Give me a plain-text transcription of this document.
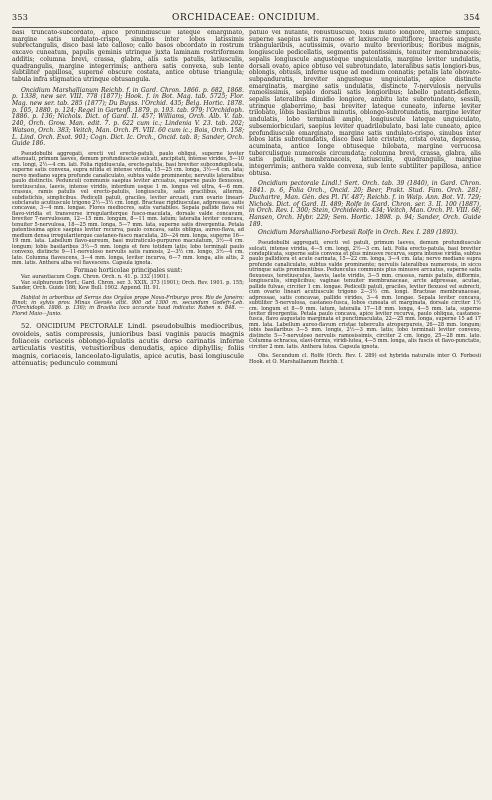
353	ORCHIDACEAE: ONCIDIUM.	354

basi truncato-subcordato, apice profundiusculè lateque emarginato, margine satis undulato-crispo, sinubus inter lobos latissimis subrectangulis, disco basi late calloso; callo basos obcordato in rostrum excavo cuneatum, papulis geminis utrinque juxta laminam rostriformem additis; columna brevi, crassa, glabra, alis satis patulis, latiusculis, quadrangulis, margine integerrimis; anthera satis convexa, sub lente subtiliter papillosa, superne obscure costata, antice obtuse triangula; tabula infra stigmatica utrinque obtusangula.

Oncidium Marshallianum Reichb. f. in Gard. Chron. 1866. p. 682, 1868. p. 1338, new ser. VIII. 778 (1877); Hook. f. in Bot. Mag. tab. 5725; Flor. Mag. new ser. tab. 285 (1877); Du Buyss. l'Orchid. 435; Belg. Hortic. 1878. p. 105, 1880. p. 124; Regel in Gartenfl. 1879. p. 193. tab. 979; l'Orchidoph. 1886. p. 136; Nichols. Dict. of Gard. II. 457; Williams, Orch. Alb. V. tab. 240, Orch. Grow. Man. edit. 7. p. 622 cum ic.; Lindenia V. 23. tab. 202; Watson, Orch. 383; Veitch, Man. Orch. Pl. VIII. 60 cum ic.; Bois, Orch. 158; L. Lind. Orch. Exot. 901; Cogn. Dict. Ic. Orch., Oncid. tab. 8; Sander, Orch. Guide 186.

Pseudobulbi aggregati, erecti vel erecto-patuli, paulo obliqui, superne leviter attenuati, primum laeves, demum profundiuscule sulcati, ancipitati, intense virides, 5—10 cm. longi, 2½—4 cm. lati. Folia rigidiuscula, erecto-patula, basi breviter subconduplicata, superne satis convexa, supra nitida et intense viridia, 15—25 cm. longa, 3½—4 cm. lata; nervo mediano supra profunde canaliculato, subtus valde prominente; nervulis lateralibus paulo distinctis. Pedunculi communis saepius leviter arcuatus, superne paulo flexuosus, teretiusculus, laevis, intense viridis, interdum usque 1 m. longus vel ultra, 4—6 mm. crassus, ramis patulis vel erecto-patulis, longiusculis, satis gracilibus, alternis, subdistichis, simplicibus. Pedicelli patuli, graciles, leviter arcuati, cum ovario lineari-subclavato acutiuscule trigono 2½—3½ cm. longi. Bracteae rigidiusculae, adpressae, satis concavae, 3—4 mm. longae. Flores mediocres, satis variabiles. Sepala pallide flava vel flavo-viridia et transverse irregulariterque fusco-maculata, dorsale valde concavum, breviter 7-nervulosum, 12—15 mm. longum, 8—11 mm. latum; lateralia leviter concava, tenuiter 5-nervulosa, 18—25 mm. longa, 5—7 mm. lata, superne satis divergentia. Petala patentissima apice saepius leviter recurva, paulo concava, satis obliqua, aureo-flava, ad medium densa irregulariterque castaneo-fusco maculata, 20—24 mm. longa, superne 16—19 mm. lata. Labellum flavo-aureum, basi mutraticulo-purpureo maculatum, 3½—4 cm. longum; lobis basilaribus 3½—5 mm. longis et fere totidem latis; lobo terminali paulo convexo, distincte 9—11-nervuloso nervulis satis ramosis, 2—3½ cm. longo, 3½—4 cm. lato. Columna flavescens, 3—4 mm. longa, leviter incurva, 6—7 mm. longa, alis altis, 2 mm. latis. Anthera alba vel flavescens. Capsula ignota.

Formae horticolae principales sunt:

Var. aurantiacum Cogn. Chron. Orch. n. 41. p. 332 (1901).

Var. sulphureum Hort.; Gard. Chron. ser. 3. XXIX. 373 (1901); Orch. Rev. 1901. p. 155; Sander, Orch. Guide 186; Kew Bull. 1902. Append. III. 91.

Habitat in arboribus ad Serras dos Orgãos prope Nova-Friburgo prov. Rio de Janeiro: Binot; in sylvis prov. Minas Geraës altit. 900 ad 1300 m. secundum Godefr.-Leb. (l'Orchidoph. 1886. p. 136); in Brasilia loco accurate haud indicato: Raben n. 848. — Floret Maio—Junio.

52. ONCIDIUM PECTORALE Lindl. pseudobulbis mediocribus, ovoideis, satis compressis, junioribus basi vaginis paucis magnis foliaceis coriaceis oblongo-ligulatis acutis dorso carinatis inferne articulatis vestitis, vetustioribus denudatis, apice diphyllis; foliis magnis, coriaceis, lanceolato-ligulatis, apice acutis, basi longiuscule attenuatis; pedunculo communi

patulo vel nutante, robustiusculo, foliis multo longiore, inferne simplici, superne saepius satis ramoso et laxiuscule multiflore; bracteis anguste triangularibus, acutissimis, ovario multo brevioribus; floribus magnis, longiuscule pedicellatis, segmentis patentissimis, tenuiter membranaceis; sepalis longiuscule angusteque unguiculatis, margine leviter undulatis, dorsali ovato, apice obtuso vel subrotundato, lateralibus satis longiori-bus, oblongis, obtusis, inferne usque ad medium connatis; petalis late obovato-subpanduratis, breviter angusteque unguiculatis, apice distincte emarginatis, margine satis undulatis, distincte 7-nervulosis nervulis ramosissimis, sepalo dorsali satis longioribus; labello patenti-deflexo, sepalis lateralibus dimidio longiore, ambitu late subrotundato, sessili, utrinque glaberrimo, basi breviter lateque cuneato, inferne leviter trilobato, lobis basilaribus minutis, oblongo-subrotundatis, margine leviter undulatis, lobo terminali amplo, longiuscule lateque unguiculato, subsemiorbiculari, saepius leviter quadrilobulato, basi late cuneato, apice profundiuscule emarginato, margine satis undulato-crispo, sinubus inter lobos latis subrotundatis, disco basi late cristato, crista ovata, depressa, acuminata, antice longe obtuseque bilobata, margine verrucosa tuberculisque numerosis circumdata; columna brevi, crassa, glabra, alis satis patulis, membranaceis, latiusculis, quadrangulis, margine integerrimis; anthera valde convexa, sub lente subtiliter papillosa, antice obtusa.

Oncidium pectorale Lindl.! Sert. Orch. tab. 39 (1840), in Gard. Chron. 1841. p. 6, Folia Orch., Oncid. 20; Beer, Prakt. Stud. Fam. Orch. 281; Duchartre, Man. Gén. des Pl. IV. 487; Reichb. f. in Walp. Ann. Bot. VI. 729; Nichols. Dict. of Gard. II. 489; Rolfe in Gard. Chron. ser. 3. II. 100 (1887), in Orch. Rev. I. 300; Stein, Orchideenb. 434; Veitch, Man. Orch. Pl. VIII. 68; Hansen, Orch. Hybr. 229; Sem. Hortic. 1898. p. 94; Sander, Orch. Guide 189.

Oncidium Marshalliano-Forbesii Rolfe in Orch. Rev. I. 289 (1893).

Pseudobulbi aggregati, erecti vel patuli, primum laeves, demum profundiuscule sulcati, intense viridia, 4—5 cm. longi, 2½—3 cm. lati. Folia erecto-patula, basi breviter conduplicata, superne satis convexa et plus minusve recurva, supra intense viridia, subtus paulo pallidiora et acute carinata, 15—22 cm. longa, 3—4 cm. lata; nervo mediano supra profunde canaliculato, subtus valde prominente; nervulis lateralibus numerosis, in sicco utrinque satis prominentibus. Pedunculus communis plus minusve arcuatus, superne satis flexuosus, teretiusculus, laevis, laete viridis, 3—5 mm. crassus, ramis patulis, difformis, longiusculis, simplicibus; vaginae tenuiter membranaceae, arcte adpressae, acutae, pallide fulvae, circiter 1 cm. longae. Pedicelli patuli, graciles, leviter flexuosi vel subrecti, cum ovario lineari acutiuscule trigono 2—3½ cm. longi. Bracteae membranaceae, adpressae, satis concavae, pallide virides, 3—4 mm. longae. Sepala leviter concava, subtiliter 5-nervulosa, castaneo-fusca, lobos cuneata et marginata, dorsale circiter 1½ cm. longum et 8—9 mm. latum, lateralia 17—18 mm. longa, 4—5 mm. lata, superne leviter divergentia. Petala paulo concava, apice leviter recurva, paulo obliqua, castaneo-fusca, flavo augustato marginata et punctimaculata, 22—25 mm. longa, superne 15 ad 17 mm. lata. Labellum aureo-flavum cristae tuberculis atropurpureis, 26—28 mm. longum; lobis basilaribus 3—5 mm. longis, 2½—3 mm. latis; lobo terminali leviter convexo, distincte 5—7-nervuloso nervulis ramosissimis, circiter 2 cm. longo, 25—28 mm. lato. Columna ochracea, elavi-formis, viridi-lutea, 4—5 mm. longa, alis fuscis et flavo-punctatis, circiter 2 mm. latis. Anthera lutea. Capsula ignota.

Obs. Secundum cl. Rolfe (Orch. Rev. I. 289) est hybrida naturalis inter O. Forbesii Hook. et O. Marshallianum Reichb. f.
